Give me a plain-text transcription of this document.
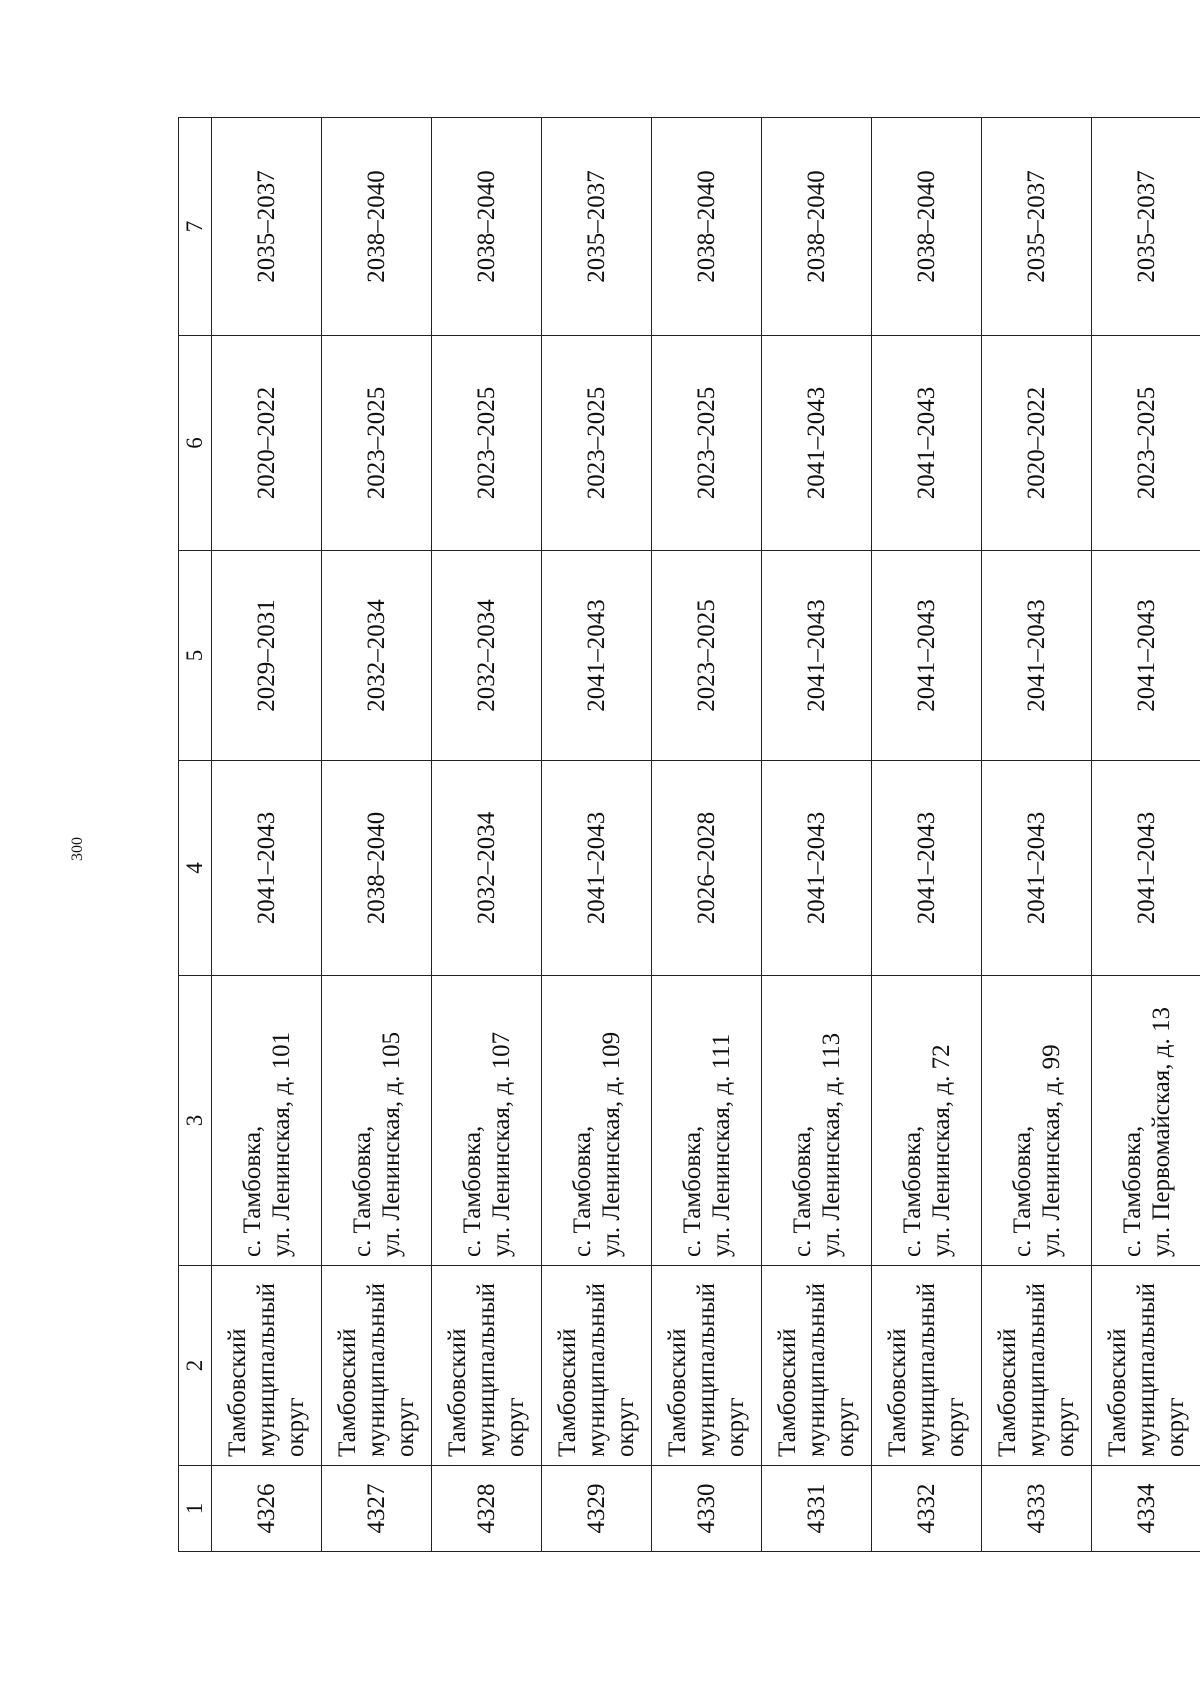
300
1	2	3	4	5	6	7
4326	Тамбовский муниципальный округ	с. Тамбовка, ул. Ленинская, д. 101	2041–2043	2029–2031	2020–2022	2035–2037
4327	Тамбовский муниципальный округ	с. Тамбовка, ул. Ленинская, д. 105	2038–2040	2032–2034	2023–2025	2038–2040
4328	Тамбовский муниципальный округ	с. Тамбовка, ул. Ленинская, д. 107	2032–2034	2032–2034	2023–2025	2038–2040
4329	Тамбовский муниципальный округ	с. Тамбовка, ул. Ленинская, д. 109	2041–2043	2041–2043	2023–2025	2035–2037
4330	Тамбовский муниципальный округ	с. Тамбовка, ул. Ленинская, д. 111	2026–2028	2023–2025	2023–2025	2038–2040
4331	Тамбовский муниципальный округ	с. Тамбовка, ул. Ленинская, д. 113	2041–2043	2041–2043	2041–2043	2038–2040
4332	Тамбовский муниципальный округ	с. Тамбовка, ул. Ленинская, д. 72	2041–2043	2041–2043	2041–2043	2038–2040
4333	Тамбовский муниципальный округ	с. Тамбовка, ул. Ленинская, д. 99	2041–2043	2041–2043	2020–2022	2035–2037
4334	Тамбовский муниципальный округ	с. Тамбовка, ул. Первомайская, д. 13	2041–2043	2041–2043	2023–2025	2035–2037
